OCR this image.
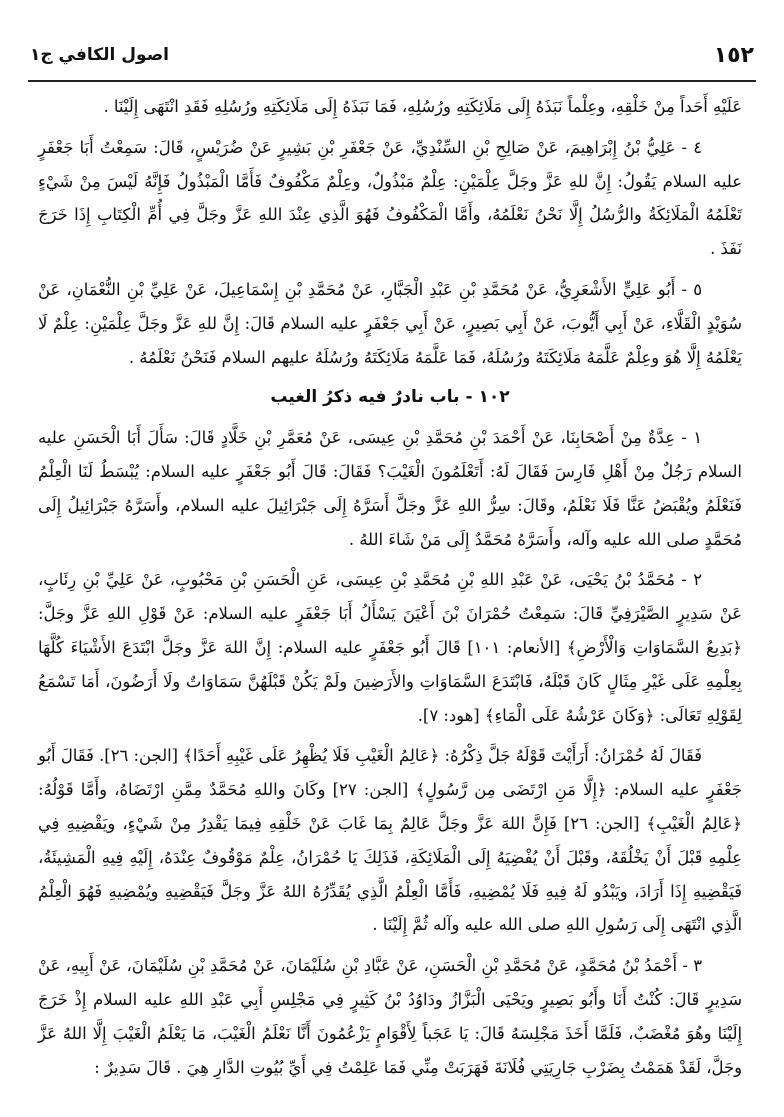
١٥٢
اصول الكافي ج١

عَلَيْهِ أَحَداً مِنْ خَلْقِهِ، وعِلْماً نَبَذَهُ إِلَى مَلَائِكَتِهِ ورُسُلِهِ، فَمَا نَبَذَهُ إِلَى مَلَائِكَتِهِ ورُسُلِهِ فَقَدِ انْتَهَى إِلَيْنَا .

٤ - عَلِيُّ بْنُ إِبْرَاهِيمَ، عَنْ صَالِحِ بْنِ السِّنْدِيِّ، عَنْ جَعْفَرِ بْنِ بَشِيرٍ عَنْ ضُرَيْسٍ، قَالَ: سَمِعْتُ أَبَا جَعْفَرٍ عليه السلام يَقُولُ: إِنَّ للهِ عَزَّ وجَلَّ عِلْمَيْنِ: عِلْمٌ مَبْذُولٌ، وعِلْمٌ مَكْفُوفٌ فَأَمَّا الْمَبْذُولُ فَإِنَّهُ لَيْسَ مِنْ شَيْءٍ تَعْلَمُهُ الْمَلَائِكَةُ والرُّسُلُ إِلَّا نَحْنُ نَعْلَمُهُ، وأَمَّا الْمَكْفُوفُ فَهُوَ الَّذِي عِنْدَ اللهِ عَزَّ وجَلَّ فِي أُمِّ الْكِتَابِ إِذَا خَرَجَ نَفَذَ .

٥ - أَبُو عَلِيٍّ الأَشْعَرِيُّ، عَنْ مُحَمَّدِ بْنِ عَبْدِ الْجَبَّارِ، عَنْ مُحَمَّدِ بْنِ إِسْمَاعِيلَ، عَنْ عَلِيِّ بْنِ النُّعْمَانِ، عَنْ سُوَيْدٍ الْقَلَّاءِ، عَنْ أَبِي أَيُّوبَ، عَنْ أَبِي بَصِيرٍ، عَنْ أَبِي جَعْفَرٍ عليه السلام قَالَ: إِنَّ للهِ عَزَّ وجَلَّ عِلْمَيْنِ: عِلْمٌ لَا يَعْلَمُهُ إِلَّا هُوَ وعِلْمٌ عَلَّمَهُ مَلَائِكَتَهُ ورُسُلَهُ، فَمَا عَلَّمَهُ مَلَائِكَتَهُ ورُسُلَهُ عليهم السلام فَنَحْنُ نَعْلَمُهُ .

١٠٢ - باب نادرٌ فيه ذكرُ الغيب

١ - عِدَّةٌ مِنْ أَصْحَابِنَا، عَنْ أَحْمَدَ بْنِ مُحَمَّدِ بْنِ عِيسَى، عَنْ مُعَمَّرِ بْنِ خَلَّادٍ قَالَ: سَأَلَ أَبَا الْحَسَنِ عليه السلام رَجُلٌ مِنْ أَهْلِ فَارِسَ فَقَالَ لَهُ: أَتَعْلَمُونَ الْغَيْبَ؟ فَقَالَ: قَالَ أَبُو جَعْفَرٍ عليه السلام: يُبْسَطُ لَنَا الْعِلْمُ فَنَعْلَمُ ويُقْبَضُ عَنَّا فَلَا نَعْلَمُ، وقَالَ: سِرُّ اللهِ عَزَّ وجَلَّ أَسَرَّهُ إِلَى جَبْرَائِيلَ عليه السلام، وأَسَرَّهُ جَبْرَائِيلُ إِلَى مُحَمَّدٍ صلى الله عليه وآله، وأَسَرَّهُ مُحَمَّدٌ إِلَى مَنْ شَاءَ اللهُ .

٢ - مُحَمَّدُ بْنُ يَحْيَى، عَنْ عَبْدِ اللهِ بْنِ مُحَمَّدِ بْنِ عِيسَى، عَنِ الْحَسَنِ بْنِ مَحْبُوبٍ، عَنْ عَلِيِّ بْنِ رِئَابٍ، عَنْ سَدِيرٍ الصَّيْرَفِيِّ قَالَ: سَمِعْتُ حُمْرَانَ بْنَ أَعْيَنَ يَسْأَلُ أَبَا جَعْفَرٍ عليه السلام: عَنْ قَوْلِ اللهِ عَزَّ وجَلَّ: ﴿بَدِيعُ السَّمَاوَاتِ وَالْأَرْضِ﴾ [الأنعام: ١٠١] قَالَ أَبُو جَعْفَرٍ عليه السلام: إِنَّ اللهَ عَزَّ وجَلَّ ابْتَدَعَ الأَشْيَاءَ كُلَّهَا بِعِلْمِهِ عَلَى غَيْرِ مِثَالٍ كَانَ قَبْلَهُ، فَابْتَدَعَ السَّمَاوَاتِ والأَرَضِينَ ولَمْ يَكُنْ قَبْلَهُنَّ سَمَاوَاتٌ ولَا أَرَضُونَ، أَمَا تَسْمَعُ لِقَوْلِهِ تَعَالَى: ﴿وَكَانَ عَرْشُهُ عَلَى الْمَاءِ﴾ [هود: ٧].

فَقَالَ لَهُ حُمْرَانُ: أَرَأَيْتَ قَوْلَهُ جَلَّ ذِكْرُهُ: ﴿عَالِمُ الْغَيْبِ فَلَا يُظْهِرُ عَلَى غَيْبِهِ أَحَدًا﴾ [الجن: ٢٦]. فَقَالَ أَبُو جَعْفَرٍ عليه السلام: ﴿إِلَّا مَنِ ارْتَضَى مِن رَّسُولٍ﴾ [الجن: ٢٧] وكَانَ واللهِ مُحَمَّدٌ مِمَّنِ ارْتَضَاهُ، وأَمَّا قَوْلُهُ: ﴿عَالِمُ الْغَيْبِ﴾ [الجن: ٢٦] فَإِنَّ اللهَ عَزَّ وجَلَّ عَالِمٌ بِمَا غَابَ عَنْ خَلْقِهِ فِيمَا يَقْدِرُ مِنْ شَيْءٍ، ويَقْضِيهِ فِي عِلْمِهِ قَبْلَ أَنْ يَخْلُقَهُ، وقَبْلَ أَنْ يُفْضِيَهُ إِلَى الْمَلَائِكَةِ، فَذَلِكَ يَا حُمْرَانُ، عِلْمٌ مَوْقُوفٌ عِنْدَهُ، إِلَيْهِ فِيهِ الْمَشِيئَةُ، فَيَقْضِيهِ إِذَا أَرَادَ، ويَبْدُو لَهُ فِيهِ فَلَا يُمْضِيهِ، فَأَمَّا الْعِلْمُ الَّذِي يُقَدِّرُهُ اللهُ عَزَّ وجَلَّ فَيَقْضِيهِ ويُمْضِيهِ فَهُوَ الْعِلْمُ الَّذِي انْتَهَى إِلَى رَسُولِ اللهِ صلى الله عليه وآله ثُمَّ إِلَيْنَا .

٣ - أَحْمَدُ بْنُ مُحَمَّدٍ، عَنْ مُحَمَّدِ بْنِ الْحَسَنِ، عَنْ عَبَّادِ بْنِ سُلَيْمَانَ، عَنْ مُحَمَّدِ بْنِ سُلَيْمَانَ، عَنْ أَبِيهِ، عَنْ سَدِيرٍ قَالَ: كُنْتُ أَنَا وأَبُو بَصِيرٍ ويَحْيَى الْبَزَّازُ ودَاوُدُ بْنُ كَثِيرٍ فِي مَجْلِسِ أَبِي عَبْدِ اللهِ عليه السلام إِذْ خَرَجَ إِلَيْنَا وهُوَ مُغْضَبٌ، فَلَمَّا أَخَذَ مَجْلِسَهُ قَالَ: يَا عَجَباً لِأَقْوَامٍ يَزْعُمُونَ أَنَّا نَعْلَمُ الْغَيْبَ، مَا يَعْلَمُ الْغَيْبَ إِلَّا اللهُ عَزَّ وجَلَّ، لَقَدْ هَمَمْتُ بِضَرْبِ جَارِيَتِي فُلَانَةَ فَهَرَبَتْ مِنِّي فَمَا عَلِمْتُ فِي أَيِّ بُيُوتِ الدَّارِ هِيَ . قَالَ سَدِيرٌ :
